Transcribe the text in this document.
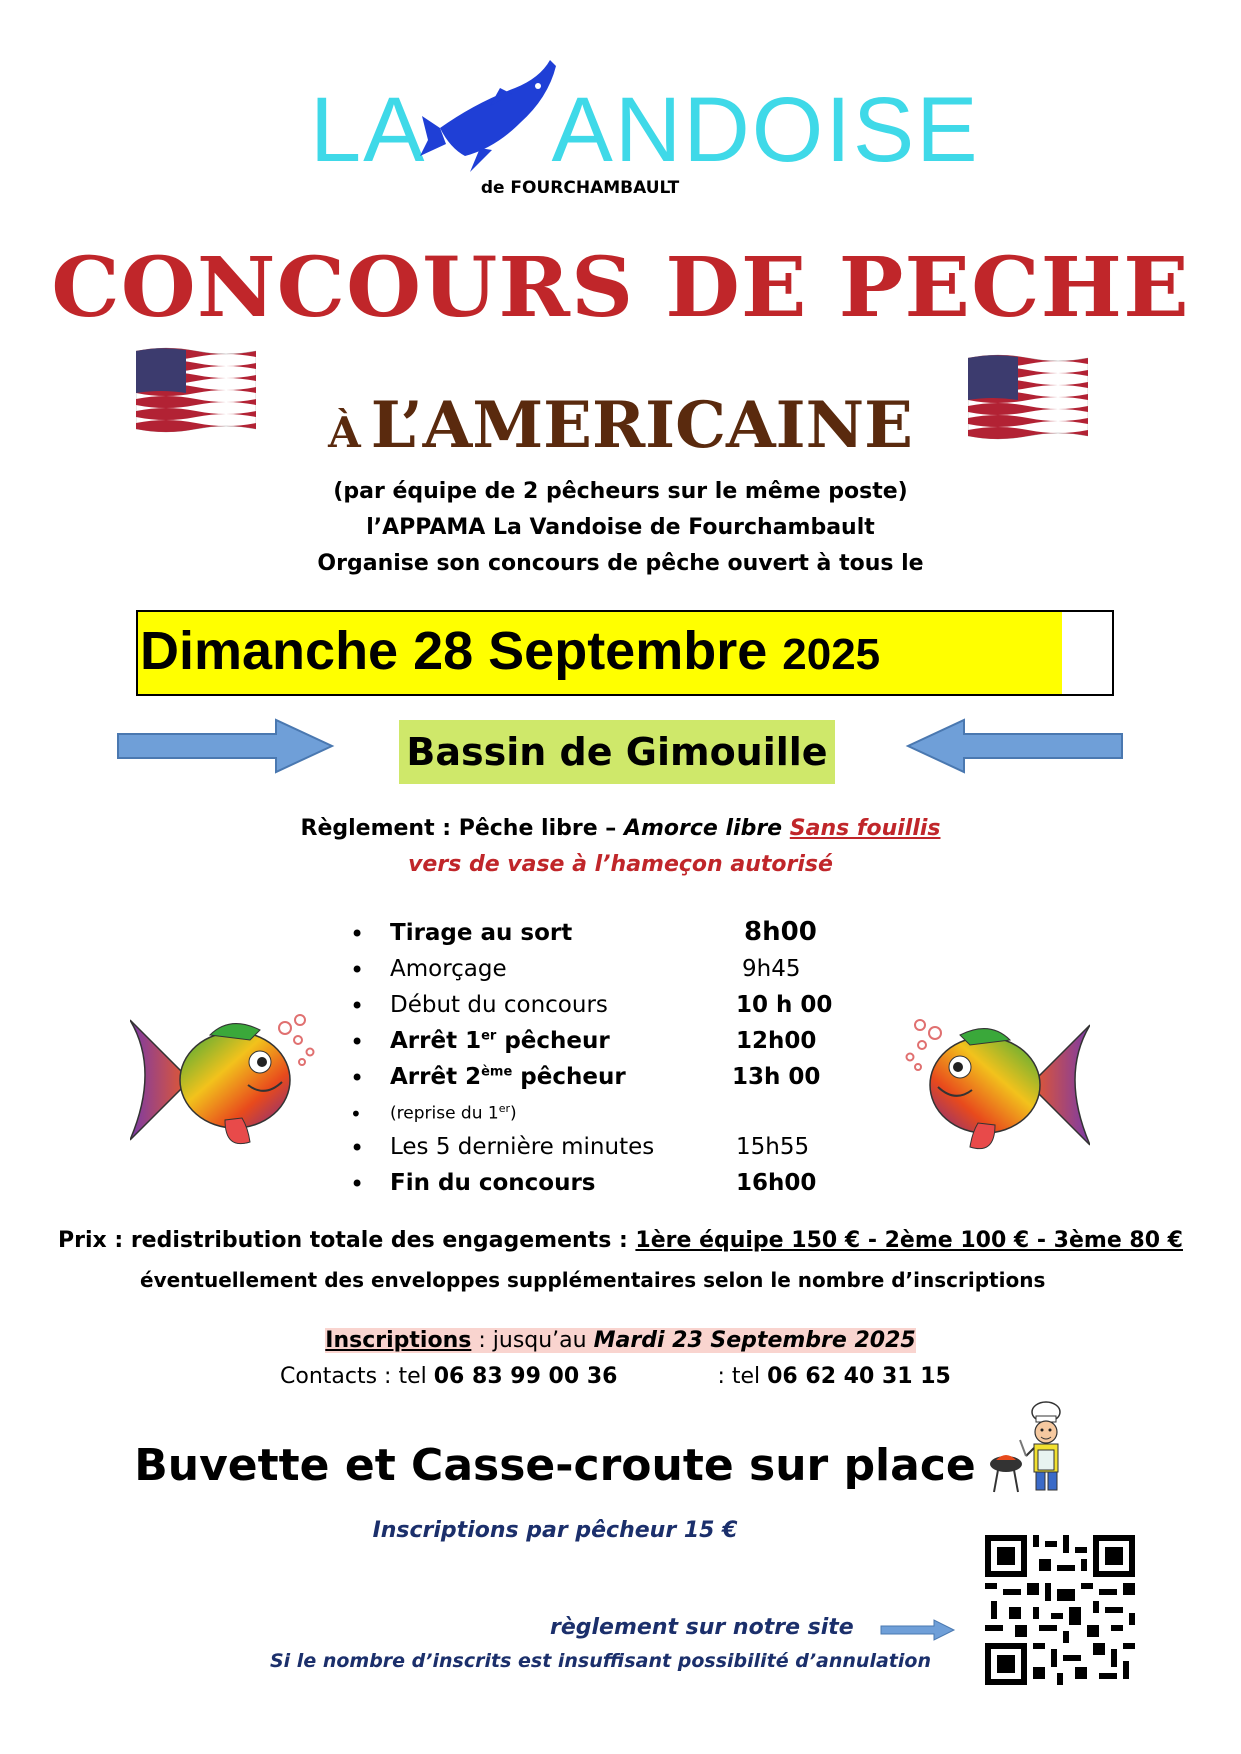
LA ANDOISE
de FOURCHAMBAULT
CONCOURS DE PECHE
À L’AMERICAINE
(par équipe de 2 pêcheurs sur le même poste)
l’APPAMA La Vandoise de Fourchambault
Organise son concours de pêche ouvert à tous le
Dimanche 28 Septembre 2025
Bassin de Gimouille
Règlement : Pêche libre – Amorce libre Sans fouillis
vers de vase à l’hameçon autorisé
• Tirage au sort	8h00
• Amorçage	9h45
• Début du concours	10 h 00
• Arrêt 1er pêcheur	12h00
• Arrêt 2ème pêcheur	13h 00
• (reprise du 1er)
• Les 5 dernière minutes	15h55
• Fin du concours	16h00
Prix : redistribution totale des engagements : 1ère équipe 150 € - 2ème 100 € - 3ème 80 €
éventuellement des enveloppes supplémentaires selon le nombre d’inscriptions
Inscriptions : jusqu’au Mardi 23 Septembre 2025
Contacts : tel 06 83 99 00 36	: tel 06 62 40 31 15
Buvette et Casse-croute sur place
Inscriptions par pêcheur 15 €
règlement sur notre site
Si le nombre d’inscrits est insuffisant possibilité d’annulation
